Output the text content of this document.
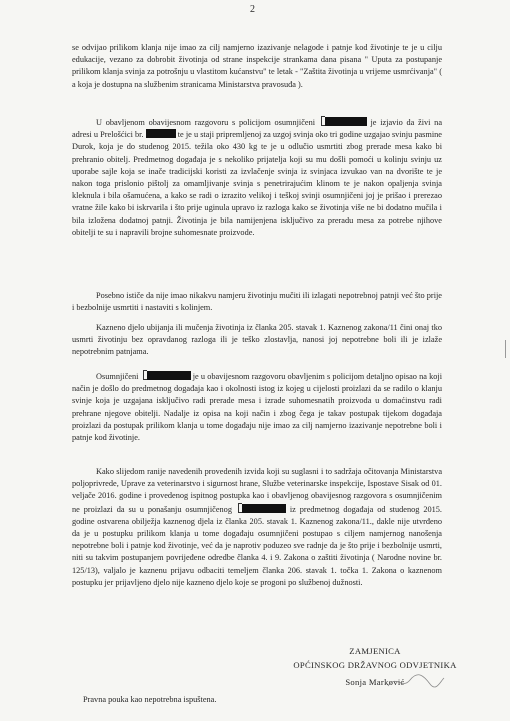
2
se odvijao prilikom klanja nije imao za cilj namjerno izazivanje nelagode i patnje kod životinje te je u cilju edukacije, vezano za dobrobit životinja od strane inspekcije strankama dana pisana " Uputa za postupanje prilikom klanja svinja za potrošnju u vlastitom kućanstvu" te letak - "Zaštita životinja u vrijeme usmrćivanja" ( a koja je dostupna na službenim stranicama Ministarstva pravosuđa ).
U obavljenom obavijesnom razgovoru s policijom osumnjičeni	je izjavio da živi na adresi u Prelošćici br.	te je u staji pripremljenoj za uzgoj svinja oko tri godine uzgajao svinju pasmine Durok, koja je do studenog 2015. težila oko 430 kg te je u odlučio usmrtiti zbog prerade mesa kako bi prehranio obitelj. Predmetnog događaja je s nekoliko prijatelja koji su mu došli pomoći u kolinju svinju uz uporabe sajle koja se inače tradicijski koristi za izvlačenje svinja iz svinjaca izvukao van na dvorište te je nakon toga prislonio pištolj za omamljivanje svinja s penetrirajućim klinom te je nakon opaljenja svinja kleknula i bila ošamućena, a kako se radi o izrazito velikoj i teškoj svinji osumnjičeni joj je prišao i prerezao vratne žile kako bi iskrvarila i što prije uginula upravo iz razloga kako se životinja više ne bi dodatno mučila i bila izložena dodatnoj patnji. Životinja je bila namijenjena isključivo za preradu mesa za potrebe njihove obitelji te su i napravili brojne suhomesnate proizvode.
Posebno ističe da nije imao nikakvu namjeru životinju mučiti ili izlagati nepotrebnoj patnji već što prije i bezbolnije usmrtiti i nastaviti s kolinjem.
Kazneno djelo ubijanja ili mučenja životinja iz članka 205. stavak 1. Kaznenog zakona/11 čini onaj tko usmrti životinju bez opravdanog razloga ili je teško zlostavlja, nanosi joj nepotrebne boli ili je izlaže nepotrebnim patnjama.
Osumnjičeni	je u obavijesnom razgovoru obavljenim s policijom detaljno opisao na koji način je došlo do predmetnog događaja kao i okolnosti istog iz kojeg u cijelosti proizlazi da se radilo o klanju svinje koja je uzgajana isključivo radi prerade mesa i izrade suhomesnatih proizvoda u domaćinstvu radi prehrane njegove obitelji. Nadalje iz opisa na koji način i zbog čega je takav postupak tijekom događaja proizlazi da postupak prilikom klanja u tome događaju nije imao za cilj namjerno izazivanje nepotrebne boli i patnje kod životinje.
Kako slijedom ranije navedenih provedenih izvida koji su suglasni i to sadržaja očitovanja Ministarstva poljoprivrede, Uprave za veterinarstvo i sigurnost hrane, Službe veterinarske inspekcije, Ispostave Sisak od 01. veljače 2016. godine i provedenog ispitnog postupka kao i obavljenog obavijesnog razgovora s osumnjičenim ne proizlazi da su u ponašanju osumnjičenog	iz predmetnog događaja od studenog 2015. godine ostvarena obilježja kaznenog djela iz članka 205. stavak 1. Kaznenog zakona/11., dakle nije utvrđeno da je u postupku prilikom klanja u tome događaju osumnjičeni postupao s ciljem namjernog nanošenja nepotrebne boli i patnje kod životinje, već da je naprotiv poduzeo sve radnje da je što prije i bezbolnije usmrti, niti su takvim postupanjem povrijeđene odredbe članka 4. i 9. Zakona o zaštiti životinja ( Narodne novine br. 125/13), valjalo je kaznenu prijavu odbaciti temeljem članka 206. stavak 1. točka 1. Zakona o kaznenom postupku jer prijavljeno djelo nije kazneno djelo koje se progoni po službenoj dužnosti.
ZAMJENICA
OPĆINSKOG DRŽAVNOG ODVJETNIKA
Sonja Marković
Pravna pouka kao nepotrebna ispuštena.
